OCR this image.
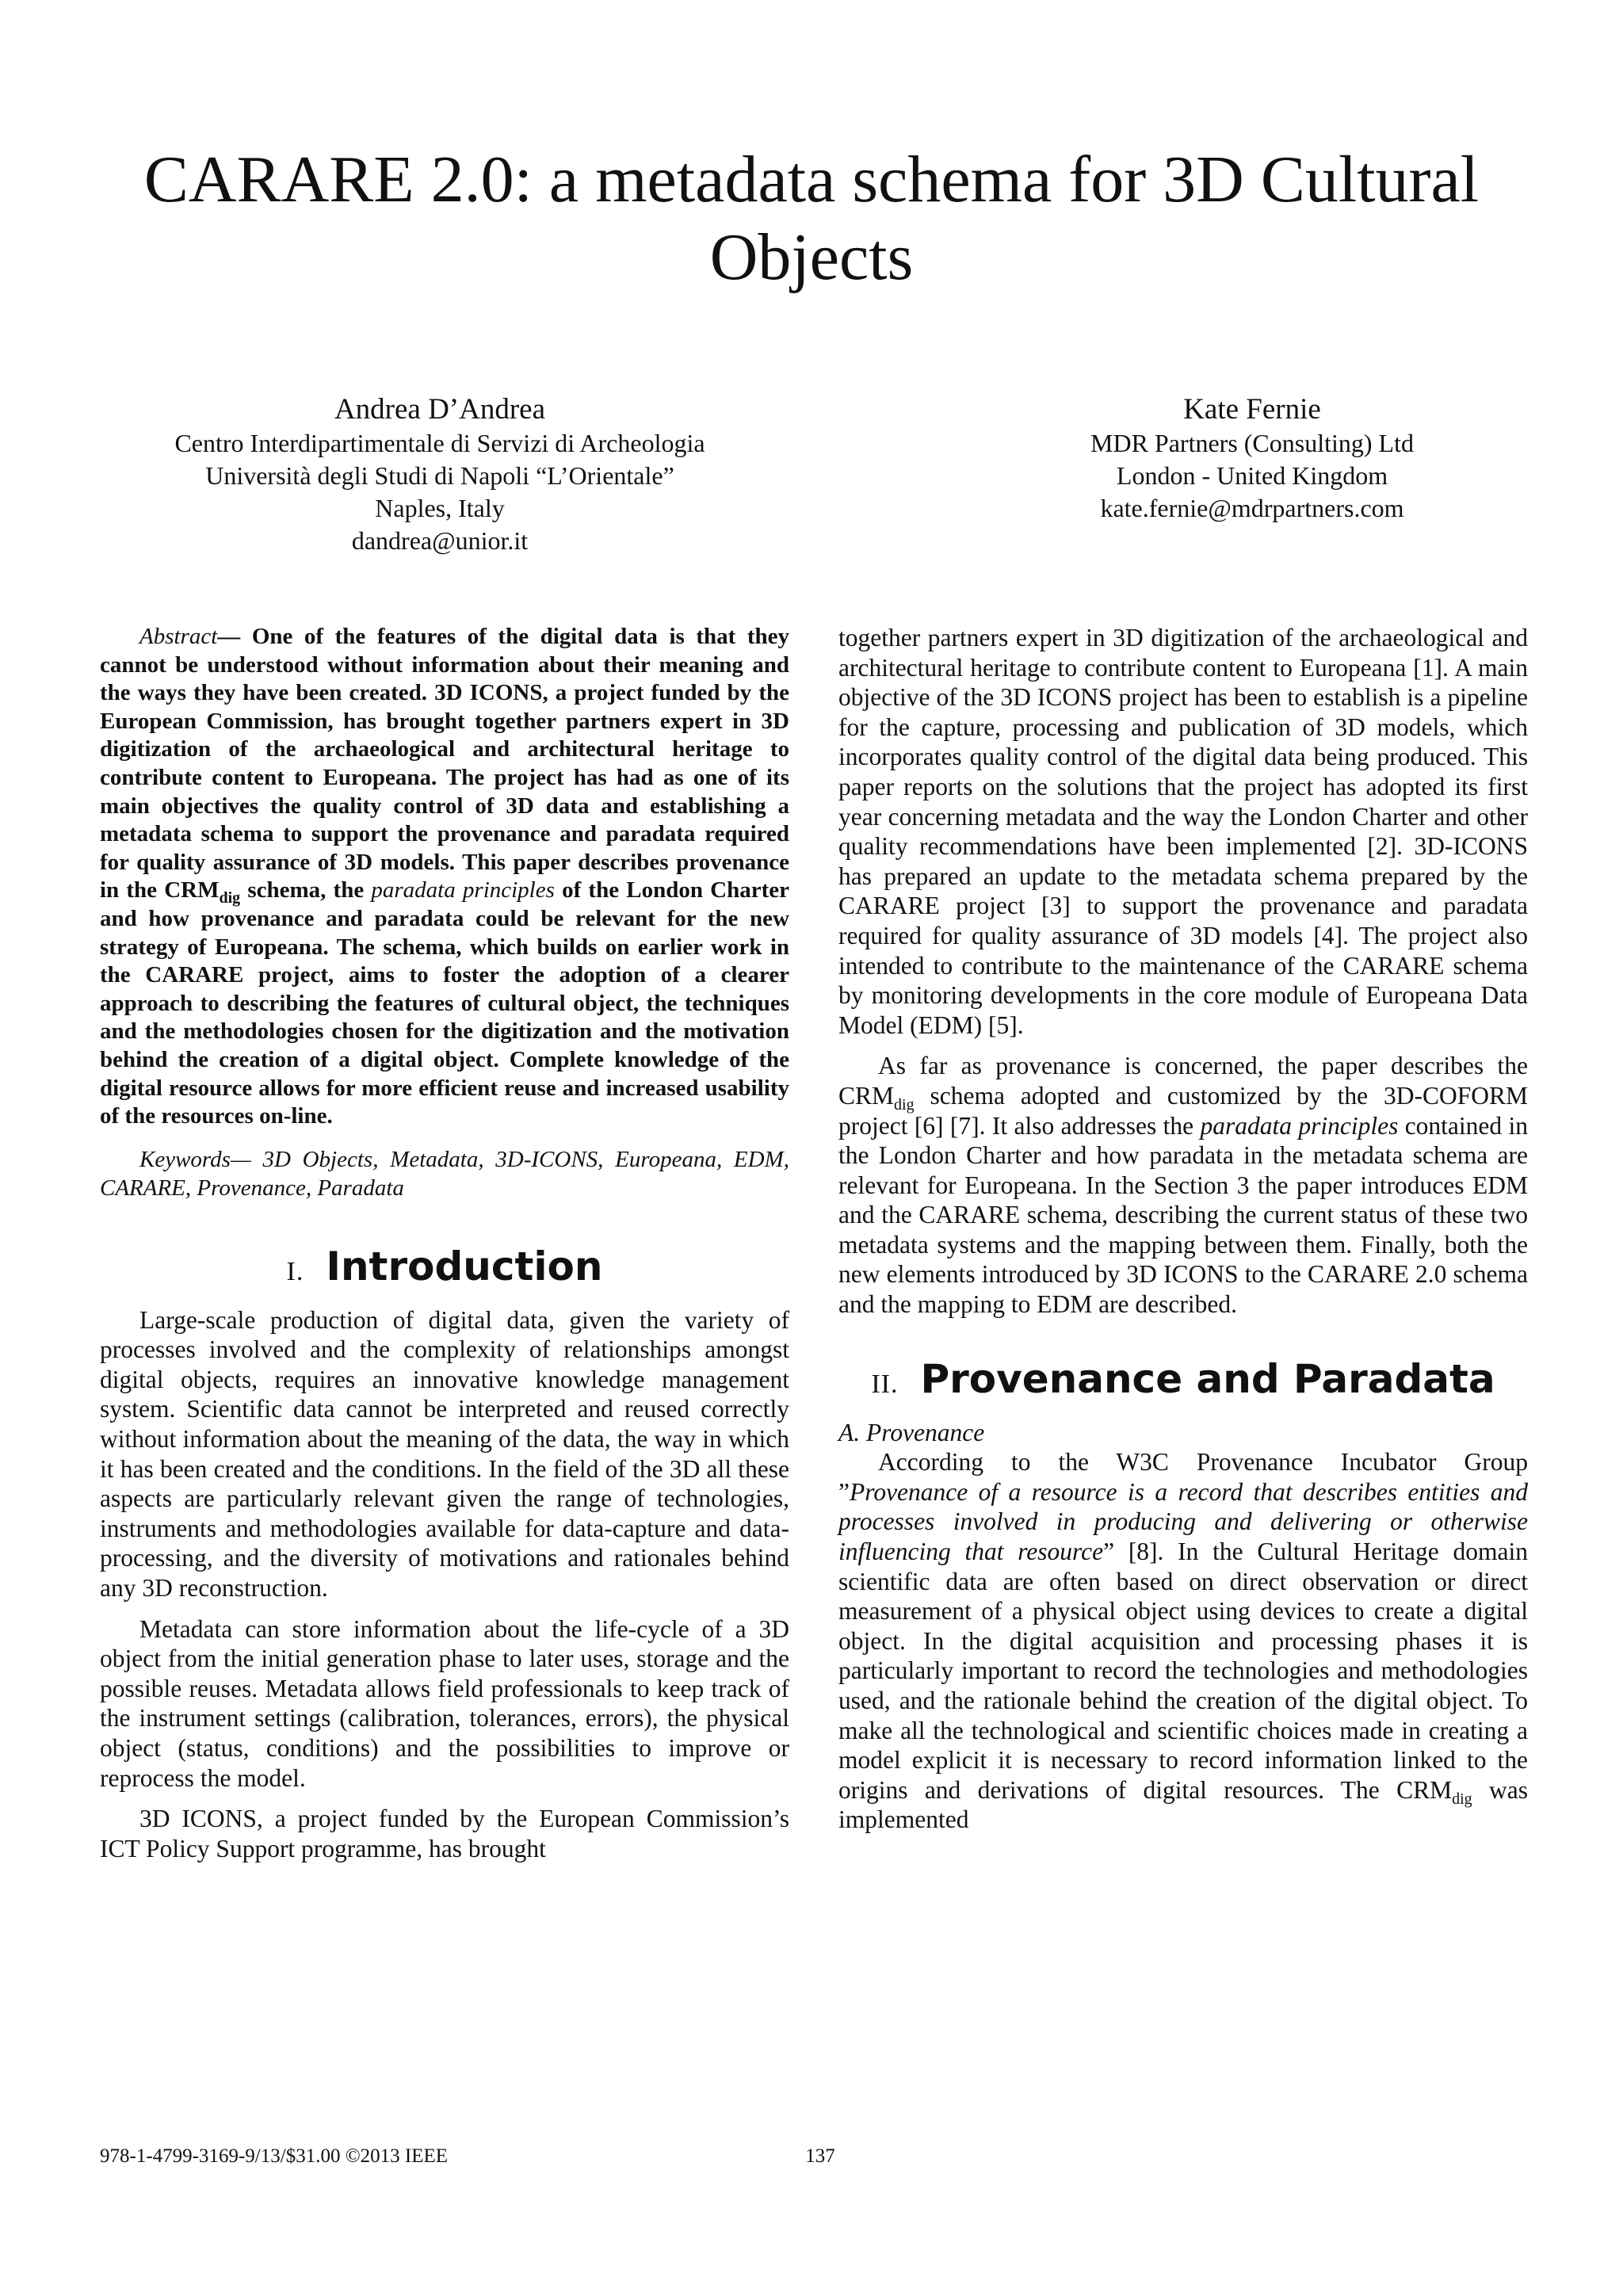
CARARE 2.0: a metadata schema for 3D Cultural
Objects
Andrea D’Andrea
Centro Interdipartimentale di Servizi di Archeologia
Università degli Studi di Napoli “L’Orientale”
Naples, Italy
dandrea@unior.it
Kate Fernie
MDR Partners (Consulting) Ltd
London - United Kingdom
kate.fernie@mdrpartners.com

Abstract— One of the features of the digital data is that they cannot be understood without information about their meaning and the ways they have been created. 3D ICONS, a project funded by the European Commission, has brought together partners expert in 3D digitization of the archaeological and architectural heritage to contribute content to Europeana. The project has had as one of its main objectives the quality control of 3D data and establishing a metadata schema to support the provenance and paradata required for quality assurance of 3D models. This paper describes provenance in the $CRM_{dig}$ schema, the paradata principles of the London Charter and how provenance and paradata could be relevant for the new strategy of Europeana. The schema, which builds on earlier work in the CARARE project, aims to foster the adoption of a clearer approach to describing the features of cultural object, the techniques and the methodologies chosen for the digitization and the motivation behind the creation of a digital object. Complete knowledge of the digital resource allows for more efficient reuse and increased usability of the resources on-line.

Keywords— 3D Objects, Metadata, 3D-ICONS, Europeana, EDM, CARARE, Provenance, Paradata

I. Introduction

Large-scale production of digital data, given the variety of processes involved and the complexity of relationships amongst digital objects, requires an innovative knowledge management system. Scientific data cannot be interpreted and reused correctly without information about the meaning of the data, the way in which it has been created and the conditions. In the field of the 3D all these aspects are particularly relevant given the range of technologies, instruments and methodologies available for data-capture and data-processing, and the diversity of motivations and rationales behind any 3D reconstruction.

Metadata can store information about the life-cycle of a 3D object from the initial generation phase to later uses, storage and the possible reuses. Metadata allows field professionals to keep track of the instrument settings (calibration, tolerances, errors), the physical object (status, conditions) and the possibilities to improve or reprocess the model.

3D ICONS, a project funded by the European Commission’s ICT Policy Support programme, has brought

together partners expert in 3D digitization of the archaeological and architectural heritage to contribute content to Europeana [1]. A main objective of the 3D ICONS project has been to establish is a pipeline for the capture, processing and publication of 3D models, which incorporates quality control of the digital data being produced. This paper reports on the solutions that the project has adopted its first year concerning metadata and the way the London Charter and other quality recommendations have been implemented [2]. 3D-ICONS has prepared an update to the metadata schema prepared by the CARARE project [3] to support the provenance and paradata required for quality assurance of 3D models [4]. The project also intended to contribute to the maintenance of the CARARE schema by monitoring developments in the core module of Europeana Data Model (EDM) [5].

As far as provenance is concerned, the paper describes the $CRM_{dig}$ schema adopted and customized by the 3D-COFORM project [6] [7]. It also addresses the paradata principles contained in the London Charter and how paradata in the metadata schema are relevant for Europeana. In the Section 3 the paper introduces EDM and the CARARE schema, describing the current status of these two metadata systems and the mapping between them. Finally, both the new elements introduced by 3D ICONS to the CARARE 2.0 schema and the mapping to EDM are described.

II. Provenance and Paradata

A. Provenance

According to the W3C Provenance Incubator Group ”Provenance of a resource is a record that describes entities and processes involved in producing and delivering or otherwise influencing that resource” [8]. In the Cultural Heritage domain scientific data are often based on direct observation or direct measurement of a physical object using devices to create a digital object. In the digital acquisition and processing phases it is particularly important to record the technologies and methodologies used, and the rationale behind the creation of the digital object. To make all the technological and scientific choices made in creating a model explicit it is necessary to record information linked to the origins and derivations of digital resources. The $CRM_{dig}$ was implemented

978-1-4799-3169-9/13/$31.00 ©2013 IEEE	137
